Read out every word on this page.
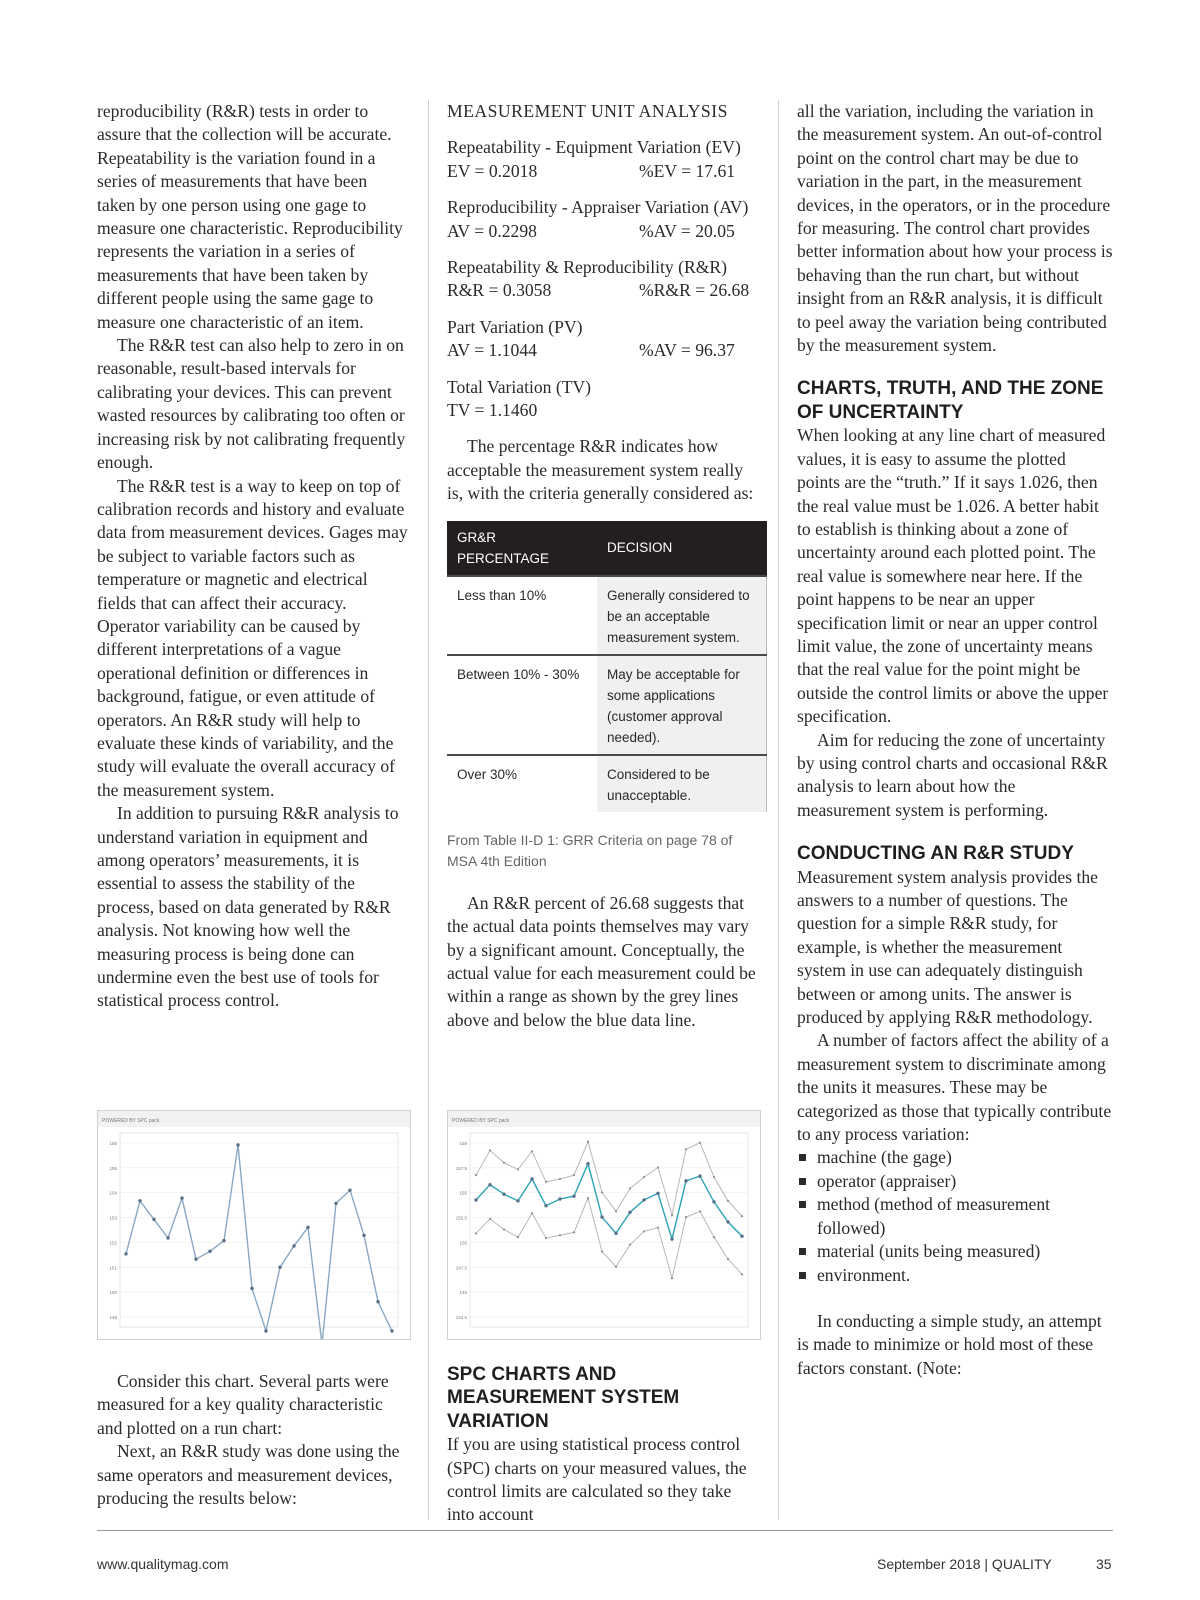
reproducibility (R&R) tests in order to assure that the collection will be accurate. Repeatability is the variation found in a series of measurements that have been taken by one person using one gage to measure one characteristic. Reproducibility represents the variation in a series of measurements that have been taken by different people using the same gage to measure one characteristic of an item.

The R&R test can also help to zero in on reasonable, result-based intervals for calibrating your devices. This can prevent wasted resources by calibrating too often or increasing risk by not calibrating frequently enough.

The R&R test is a way to keep on top of calibration records and history and evaluate data from measurement devices. Gages may be subject to variable factors such as temperature or magnetic and electrical fields that can affect their accuracy. Operator variability can be caused by different interpretations of a vague operational definition or differences in background, fatigue, or even attitude of operators. An R&R study will help to evaluate these kinds of variability, and the study will evaluate the overall accuracy of the measurement system.

In addition to pursuing R&R analysis to understand variation in equipment and among operators’ measurements, it is essential to assess the stability of the process, based on data generated by R&R analysis. Not knowing how well the measuring process is being done can undermine even the best use of tools for statistical process control.

POWERED BY SPC pack
156
155
154
153
152
151
150
149

Consider this chart. Several parts were measured for a key quality characteristic and plotted on a run chart:

Next, an R&R study was done using the same operators and measurement devices, producing the results below:

MEASUREMENT UNIT ANALYSIS
Repeatability - Equipment Variation (EV)
EV = 0.2018	%EV = 17.61
Reproducibility - Appraiser Variation (AV)
AV = 0.2298	%AV = 20.05
Repeatability & Reproducibility (R&R)
R&R = 0.3058	%R&R = 26.68
Part Variation (PV)
AV = 1.1044	%AV = 96.37
Total Variation (TV)
TV = 1.1460

The percentage R&R indicates how acceptable the measurement system really is, with the criteria generally considered as:

GR&R PERCENTAGE	DECISION
Less than 10%	Generally considered to be an acceptable measurement system.
Between 10% - 30%	May be acceptable for some applications (customer approval needed).
Over 30%	Considered to be unacceptable.
From Table II-D 1: GRR Criteria on page 78 of MSA 4th Edition

An R&R percent of 26.68 suggests that the actual data points themselves may vary by a significant amount. Conceptually, the actual value for each measurement could be within a range as shown by the grey lines above and below the blue data line.

POWERED BY SPC pack
158
157.5
155
152.5
150
147.5
145
142.5
SPC CHARTS AND MEASUREMENT SYSTEM VARIATION

If you are using statistical process control (SPC) charts on your measured values, the control limits are calculated so they take into account

all the variation, including the variation in the measurement system. An out-of-control point on the control chart may be due to variation in the part, in the measurement devices, in the operators, or in the procedure for measuring. The control chart provides better information about how your process is behaving than the run chart, but without insight from an R&R analysis, it is difficult to peel away the variation being contributed by the measurement system.

CHARTS, TRUTH, AND THE ZONE OF UNCERTAINTY

When looking at any line chart of measured values, it is easy to assume the plotted points are the “truth.” If it says 1.026, then the real value must be 1.026. A better habit to establish is thinking about a zone of uncertainty around each plotted point. The real value is somewhere near here. If the point happens to be near an upper specification limit or near an upper control limit value, the zone of uncertainty means that the real value for the point might be outside the control limits or above the upper specification.

Aim for reducing the zone of uncertainty by using control charts and occasional R&R analysis to learn about how the measurement system is performing.

CONDUCTING AN R&R STUDY

Measurement system analysis provides the answers to a number of questions. The question for a simple R&R study, for example, is whether the measurement system in use can adequately distinguish between or among units. The answer is produced by applying R&R methodology.

A number of factors affect the ability of a measurement system to discriminate among the units it measures. These may be categorized as those that typically contribute to any process variation:

machine (the gage)
operator (appraiser)
method (method of measurement followed)
material (units being measured)
environment.

In conducting a simple study, an attempt is made to minimize or hold most of these factors constant. (Note:

www.qualitymag.com	September 2018 | QUALITY	35
